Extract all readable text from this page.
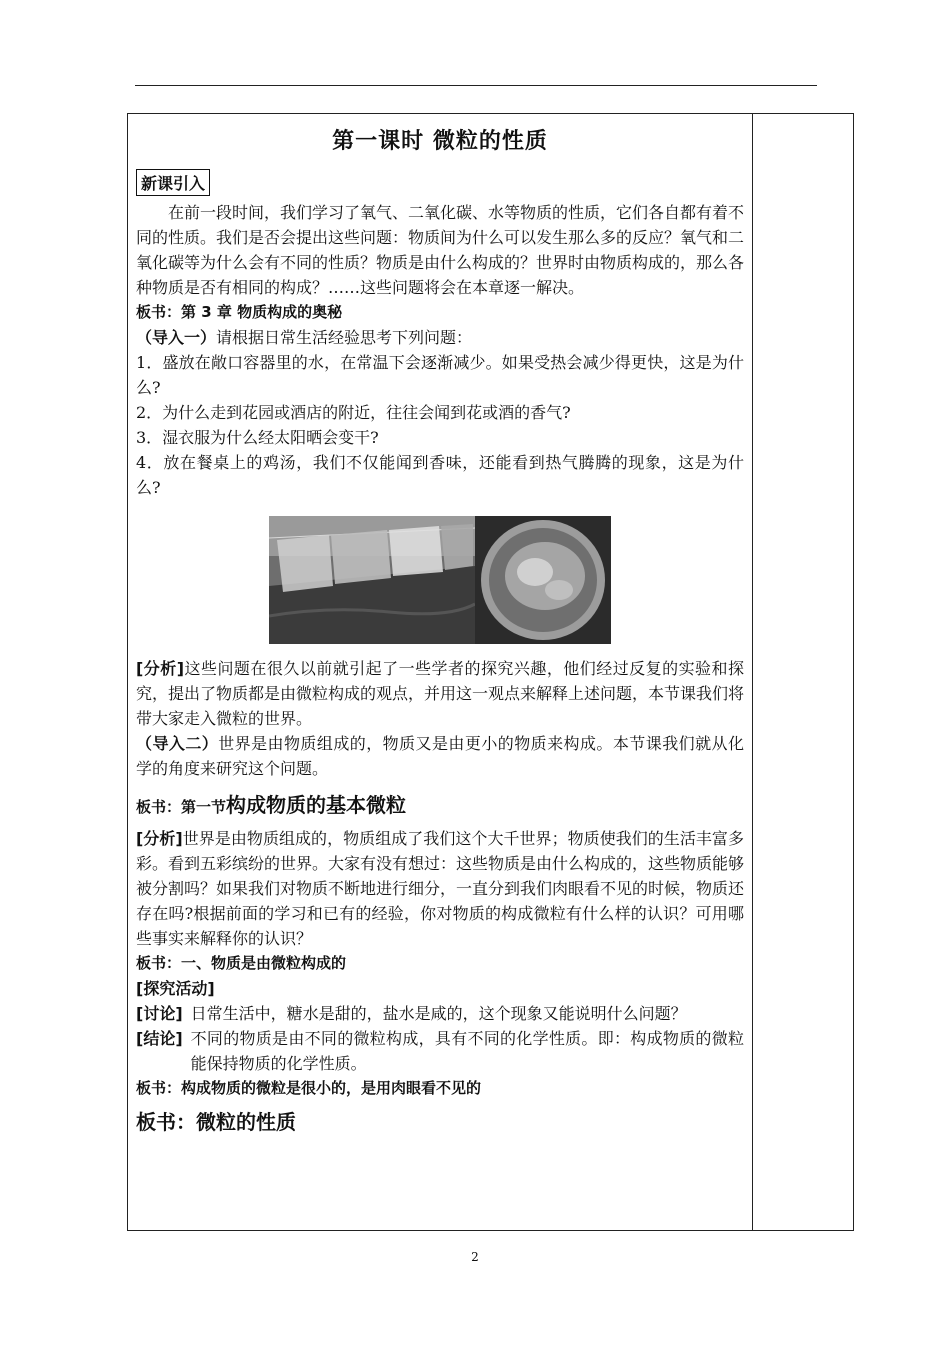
第一课时 微粒的性质
新课引入

在前一段时间，我们学习了氧气、二氧化碳、水等物质的性质，它们各自都有着不同的性质。我们是否会提出这些问题：物质间为什么可以发生那么多的反应？氧气和二氧化碳等为什么会有不同的性质？物质是由什么构成的？世界时由物质构成的，那么各种物质是否有相同的构成？……这些问题将会在本章逐一解决。

板书：第 3 章 物质构成的奥秘

（导入一）请根据日常生活经验思考下列问题：

1．盛放在敞口容器里的水，在常温下会逐渐减少。如果受热会减少得更快，这是为什么?

2．为什么走到花园或酒店的附近，往往会闻到花或酒的香气?

3．湿衣服为什么经太阳晒会变干?

4．放在餐桌上的鸡汤，我们不仅能闻到香味，还能看到热气腾腾的现象，这是为什么?

[分析]这些问题在很久以前就引起了一些学者的探究兴趣，他们经过反复的实验和探究，提出了物质都是由微粒构成的观点，并用这一观点来解释上述问题，本节课我们将带大家走入微粒的世界。

（导入二）世界是由物质组成的，物质又是由更小的物质来构成。本节课我们就从化学的角度来研究这个问题。

板书：第一节构成物质的基本微粒

[分析]世界是由物质组成的，物质组成了我们这个大千世界；物质使我们的生活丰富多彩。看到五彩缤纷的世界。大家有没有想过：这些物质是由什么构成的，这些物质能够被分割吗？如果我们对物质不断地进行细分，一直分到我们肉眼看不见的时候，物质还存在吗?根据前面的学习和已有的经验，你对物质的构成微粒有什么样的认识？可用哪些事实来解释你的认识？

板书：一、物质是由微粒构成的

[探究活动]

[讨论] 日常生活中，糖水是甜的，盐水是咸的，这个现象又能说明什么问题？
[结论] 不同的物质是由不同的微粒构成，具有不同的化学性质。即：构成物质的微粒能保持物质的化学性质。

板书：构成物质的微粒是很小的，是用肉眼看不见的

板书：微粒的性质

2
